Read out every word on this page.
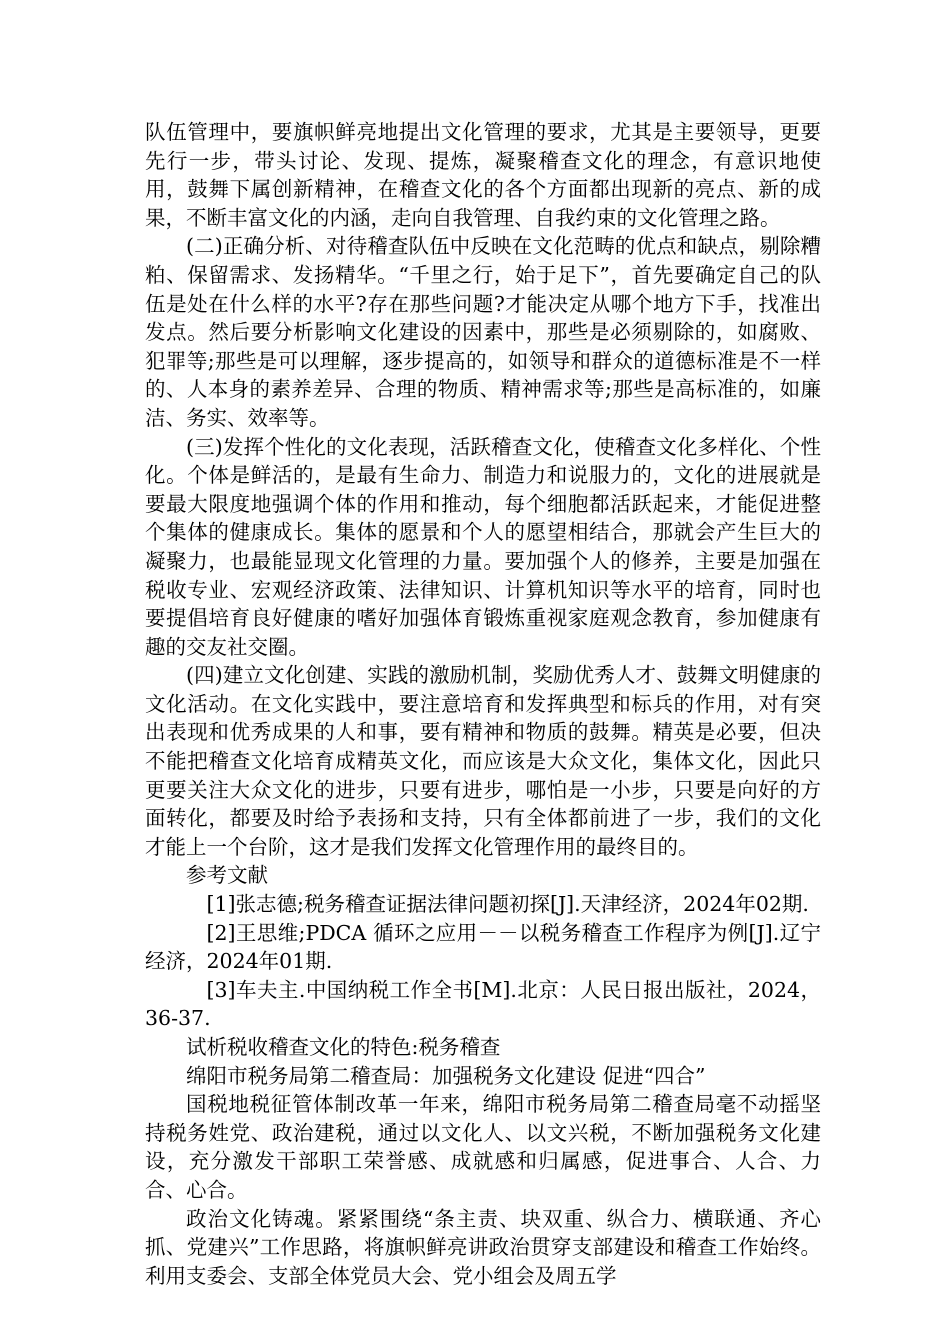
队伍管理中，要旗帜鲜亮地提出文化管理的要求，尤其是主要领导，更要先行一步，带头讨论、发现、提炼，凝聚稽查文化的理念，有意识地使用，鼓舞下属创新精神，在稽查文化的各个方面都出现新的亮点、新的成果，不断丰富文化的内涵，走向自我管理、自我约束的文化管理之路。

(二)正确分析、对待稽查队伍中反映在文化范畴的优点和缺点，剔除糟粕、保留需求、发扬精华。“千里之行，始于足下”，首先要确定自己的队伍是处在什么样的水平?存在那些问题?才能决定从哪个地方下手，找准出发点。然后要分析影响文化建设的因素中，那些是必须剔除的，如腐败、犯罪等;那些是可以理解，逐步提高的，如领导和群众的道德标准是不一样的、人本身的素养差异、合理的物质、精神需求等;那些是高标准的，如廉洁、务实、效率等。

(三)发挥个性化的文化表现，活跃稽查文化，使稽查文化多样化、个性化。个体是鲜活的，是最有生命力、制造力和说服力的，文化的进展就是要最大限度地强调个体的作用和推动，每个细胞都活跃起来，才能促进整个集体的健康成长。集体的愿景和个人的愿望相结合，那就会产生巨大的凝聚力，也最能显现文化管理的力量。要加强个人的修养，主要是加强在税收专业、宏观经济政策、法律知识、计算机知识等水平的培育，同时也要提倡培育良好健康的嗜好加强体育锻炼重视家庭观念教育，参加健康有趣的交友社交圈。

(四)建立文化创建、实践的激励机制，奖励优秀人才、鼓舞文明健康的文化活动。在文化实践中，要注意培育和发挥典型和标兵的作用，对有突出表现和优秀成果的人和事，要有精神和物质的鼓舞。精英是必要，但决不能把稽查文化培育成精英文化，而应该是大众文化，集体文化，因此只更要关注大众文化的进步，只要有进步，哪怕是一小步，只要是向好的方面转化，都要及时给予表扬和支持，只有全体都前进了一步，我们的文化才能上一个台阶，这才是我们发挥文化管理作用的最终目的。

参考文献

[1]张志德;税务稽查证据法律问题初探[J].天津经济，2024年02期.

[2]王思维;PDCA 循环之应用－－以税务稽查工作程序为例[J].辽宁经济，2024年01期.

[3]车夫主.中国纳税工作全书[M].北京：人民日报出版社，2024，36-37.

试析税收稽查文化的特色:税务稽查

绵阳市税务局第二稽查局：加强税务文化建设 促进“四合”

国税地税征管体制改革一年来，绵阳市税务局第二稽查局毫不动摇坚持税务姓党、政治建税，通过以文化人、以文兴税，不断加强税务文化建设，充分激发干部职工荣誉感、成就感和归属感，促进事合、人合、力合、心合。

政治文化铸魂。紧紧围绕“条主责、块双重、纵合力、横联通、齐心抓、党建兴”工作思路，将旗帜鲜亮讲政治贯穿支部建设和稽查工作始终。利用支委会、支部全体党员大会、党小组会及周五学
